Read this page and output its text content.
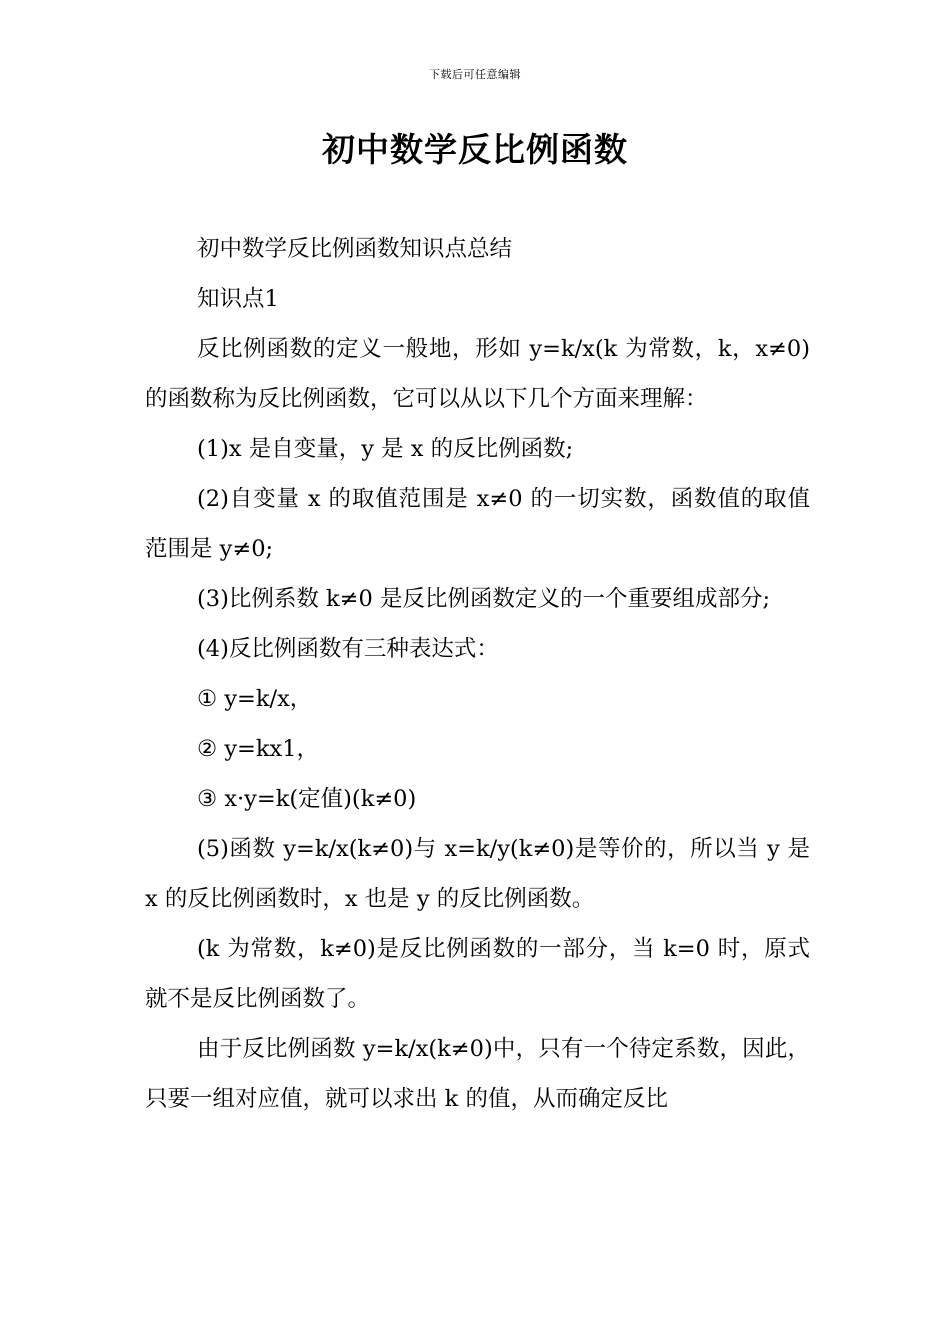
下载后可任意编辑
初中数学反比例函数

初中数学反比例函数知识点总结

知识点1

反比例函数的定义一般地，形如 y=k/x(k 为常数，k，x≠0)的函数称为反比例函数，它可以从以下几个方面来理解：

(1)x 是自变量，y 是 x 的反比例函数;

(2)自变量 x 的取值范围是 x≠0 的一切实数，函数值的取值范围是 y≠0;

(3)比例系数 k≠0 是反比例函数定义的一个重要组成部分;

(4)反比例函数有三种表达式：

① y=k/x，

② y=kx1，

③ x·y=k(定值)(k≠0)

(5)函数 y=k/x(k≠0)与 x=k/y(k≠0)是等价的，所以当 y 是 x 的反比例函数时，x 也是 y 的反比例函数。

(k 为常数，k≠0)是反比例函数的一部分，当 k=0 时，原式就不是反比例函数了。

由于反比例函数 y=k/x(k≠0)中，只有一个待定系数，因此，只要一组对应值，就可以求出 k 的值，从而确定反比
